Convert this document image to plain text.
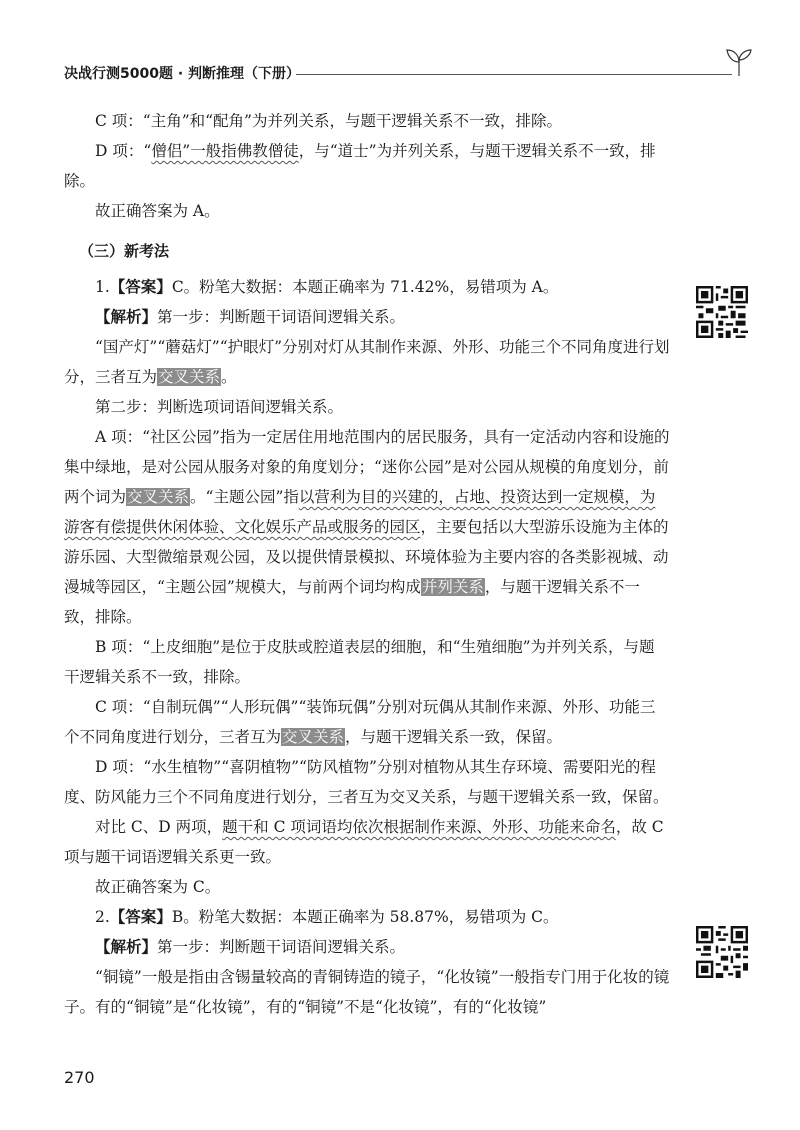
决战行测5000题 · 判断推理（下册）

C 项：“主角”和“配角”为并列关系，与题干逻辑关系不一致，排除。

D 项：“僧侣”一般指佛教僧徒，与“道士”为并列关系，与题干逻辑关系不一致，排除。

故正确答案为 A。

（三）新考法

1.【答案】C。粉笔大数据：本题正确率为 71.42%，易错项为 A。

【解析】第一步：判断题干词语间逻辑关系。

“国产灯”“蘑菇灯”“护眼灯”分别对灯从其制作来源、外形、功能三个不同角度进行划分，三者互为交叉关系。

第二步：判断选项词语间逻辑关系。

A 项：“社区公园”指为一定居住用地范围内的居民服务，具有一定活动内容和设施的集中绿地，是对公园从服务对象的角度划分；“迷你公园”是对公园从规模的角度划分，前两个词为交叉关系。“主题公园”指以营利为目的兴建的，占地、投资达到一定规模，为游客有偿提供休闲体验、文化娱乐产品或服务的园区，主要包括以大型游乐设施为主体的游乐园、大型微缩景观公园，及以提供情景模拟、环境体验为主要内容的各类影视城、动漫城等园区，“主题公园”规模大，与前两个词均构成并列关系，与题干逻辑关系不一致，排除。

B 项：“上皮细胞”是位于皮肤或腔道表层的细胞，和“生殖细胞”为并列关系，与题干逻辑关系不一致，排除。

C 项：“自制玩偶”“人形玩偶”“装饰玩偶”分别对玩偶从其制作来源、外形、功能三个不同角度进行划分，三者互为交叉关系，与题干逻辑关系一致，保留。

D 项：“水生植物”“喜阴植物”“防风植物”分别对植物从其生存环境、需要阳光的程度、防风能力三个不同角度进行划分，三者互为交叉关系，与题干逻辑关系一致，保留。

对比 C、D 两项，题干和 C 项词语均依次根据制作来源、外形、功能来命名，故 C 项与题干词语逻辑关系更一致。

故正确答案为 C。

2.【答案】B。粉笔大数据：本题正确率为 58.87%，易错项为 C。

【解析】第一步：判断题干词语间逻辑关系。

“铜镜”一般是指由含锡量较高的青铜铸造的镜子，“化妆镜”一般指专门用于化妆的镜子。有的“铜镜”是“化妆镜”，有的“铜镜”不是“化妆镜”，有的“化妆镜”

270
